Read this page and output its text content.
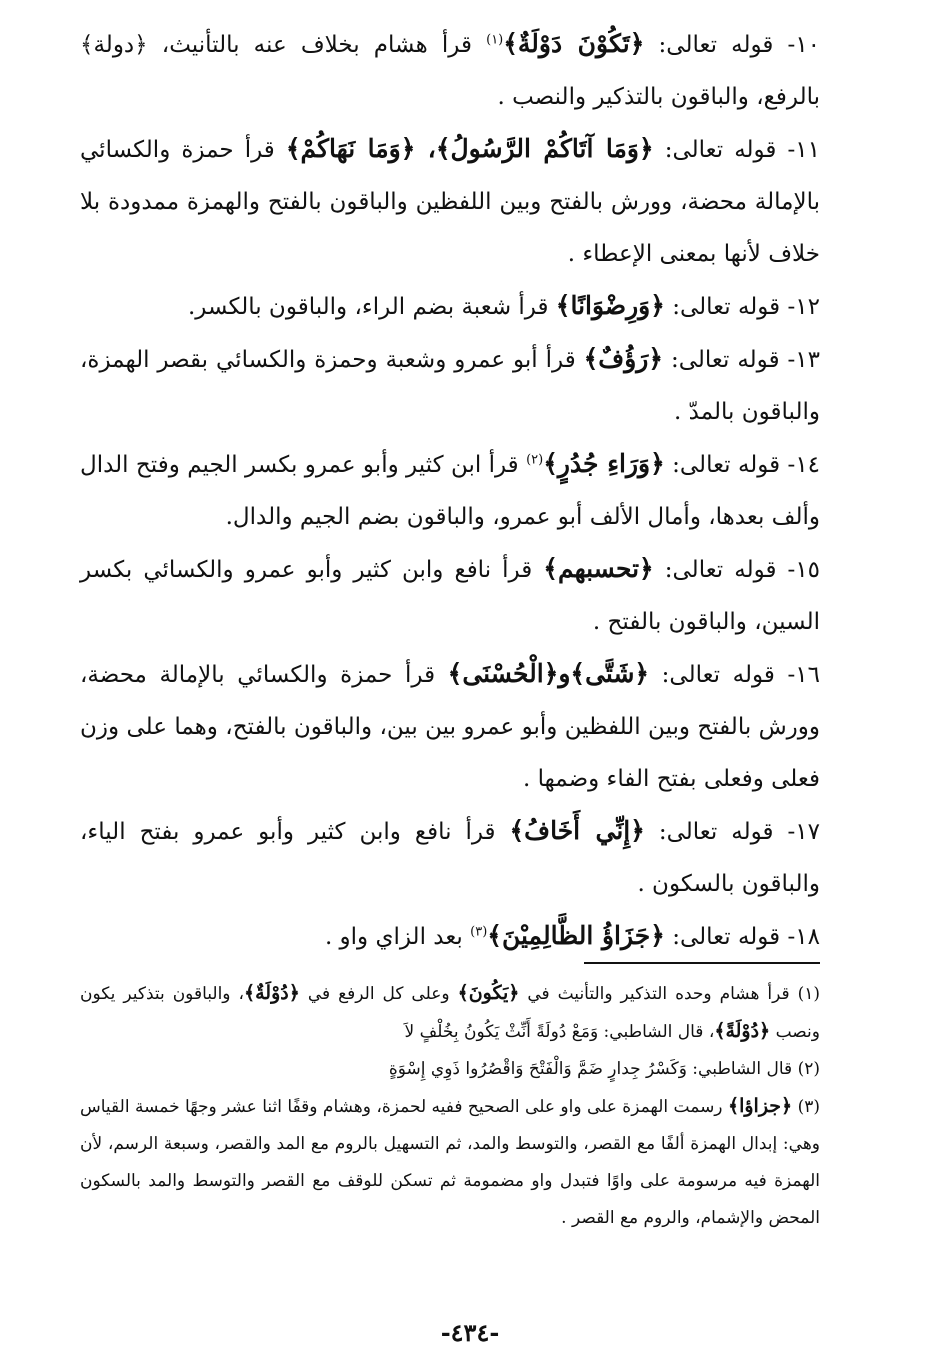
١٠- قوله تعالى: ﴿تَكُوْنَ دَوْلَةٌ﴾$^{(١)}$ قرأ هشام بخلاف عنه بالتأنيث، ﴿دولة﴾ بالرفع، والباقون بالتذكير والنصب .

١١- قوله تعالى: ﴿وَمَا آتَاكُمْ الرَّسُولُ﴾، ﴿وَمَا نَهَاكُمْ﴾ قرأ حمزة والكسائي بالإمالة محضة، وورش بالفتح وبين اللفظين والباقون بالفتح والهمزة ممدودة بلا خلاف لأنها بمعنى الإعطاء .

١٢- قوله تعالى: ﴿وَرِضْوَانًا﴾ قرأ شعبة بضم الراء، والباقون بالكسر.

١٣- قوله تعالى: ﴿رَؤُفٌ﴾ قرأ أبو عمرو وشعبة وحمزة والكسائي بقصر الهمزة، والباقون بالمدّ .

١٤- قوله تعالى: ﴿وَرَاءِ جُدُرٍ﴾$^{(٢)}$ قرأ ابن كثير وأبو عمرو بكسر الجيم وفتح الدال وألف بعدها، وأمال الألف أبو عمرو، والباقون بضم الجيم والدال.

١٥- قوله تعالى: ﴿تحسبهم﴾ قرأ نافع وابن كثير وأبو عمرو والكسائي بكسر السين، والباقون بالفتح .

١٦- قوله تعالى: ﴿شَتَّى﴾و﴿الْحُسْنَى﴾ قرأ حمزة والكسائي بالإمالة محضة، وورش بالفتح وبين اللفظين وأبو عمرو بين بين، والباقون بالفتح، وهما على وزن فعلى وفعلى بفتح الفاء وضمها .

١٧- قوله تعالى: ﴿إِنِّي أَخَافُ﴾ قرأ نافع وابن كثير وأبو عمرو بفتح الياء، والباقون بالسكون .

١٨- قوله تعالى: ﴿جَزَاؤُ الظَّالِمِيْنَ﴾$^{(٣)}$ بعد الزاي واو .

(١) قرأ هشام وحده التذكير والتأنيث في ﴿يَكُونَ﴾ وعلى كل الرفع في ﴿دُوْلَةٌ﴾، والباقون بتذكير يكون ونصب ﴿دُوْلَةً﴾، قال الشاطبي: وَمَعْ دُولَةً أَنِّثْ يَكُونُ بِخُلْفٍ لاَ

(٢) قال الشاطبي: وَكَسْرُ جِدارٍ ضَمَّ وَالْفَتْحَ وَاقْصُرُوا ذَوِي إِسْوَةٍ

(٣) ﴿جزاؤا﴾ رسمت الهمزة على واو على الصحيح ففيه لحمزة، وهشام وقفًا اثنا عشر وجهًا خمسة القياس وهي: إبدال الهمزة ألفًا مع القصر، والتوسط والمد، ثم التسهيل بالروم مع المد والقصر، وسبعة الرسم، لأن الهمزة فيه مرسومة على واوًا فتبدل واو مضمومة ثم تسكن للوقف مع القصر والتوسط والمد بالسكون المحض والإشمام، والروم مع القصر .

-٤٣٤-
